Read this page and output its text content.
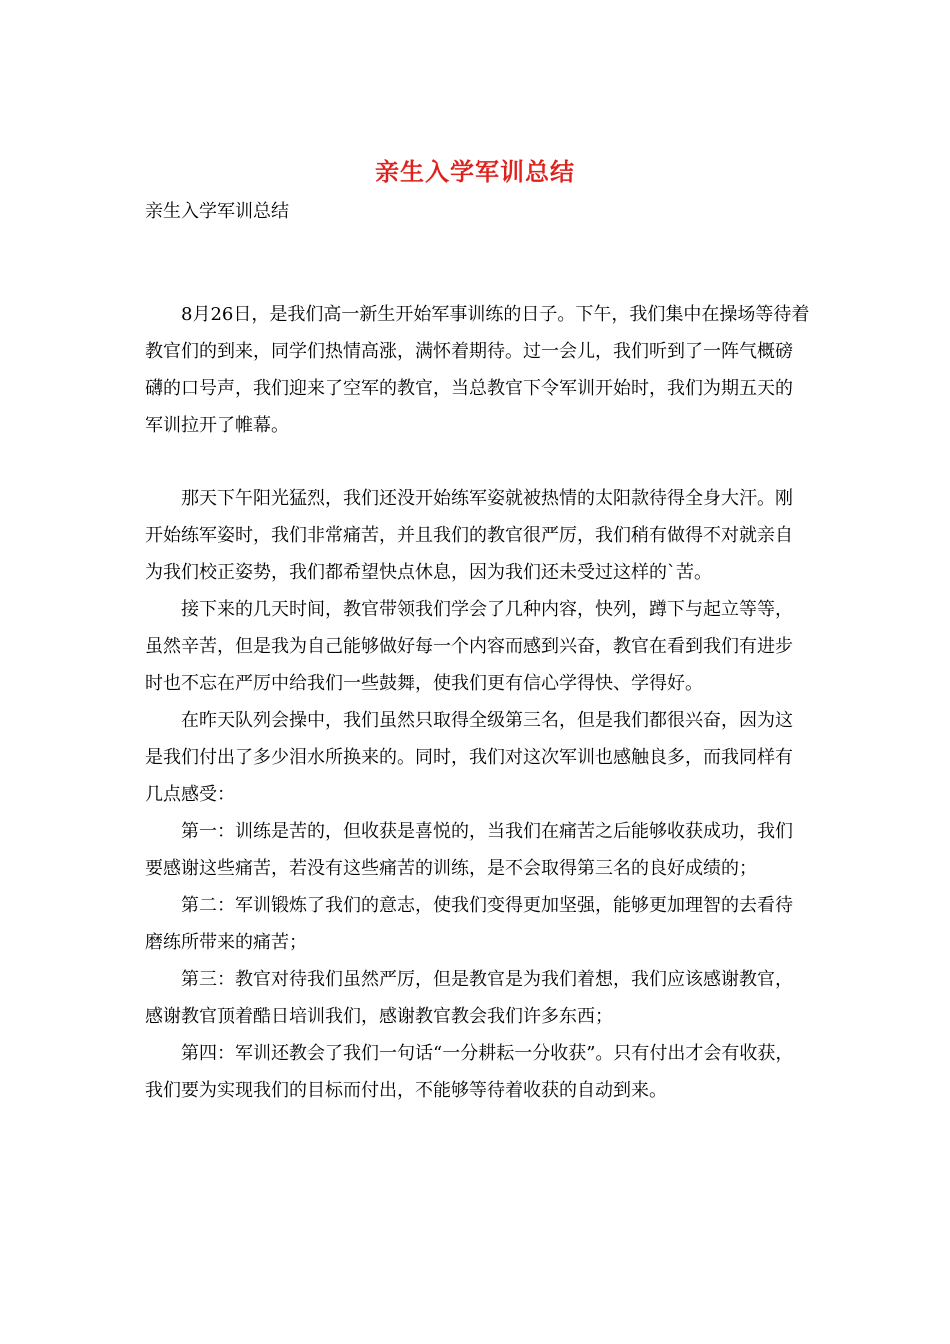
亲生入学军训总结
亲生入学军训总结

8月26日，是我们高一新生开始军事训练的日子。下午，我们集中在操场等待着教官们的到来，同学们热情高涨，满怀着期待。过一会儿，我们听到了一阵气概磅礴的口号声，我们迎来了空军的教官，当总教官下令军训开始时，我们为期五天的军训拉开了帷幕。

那天下午阳光猛烈，我们还没开始练军姿就被热情的太阳款待得全身大汗。刚开始练军姿时，我们非常痛苦，并且我们的教官很严厉，我们稍有做得不对就亲自为我们校正姿势，我们都希望快点休息，因为我们还未受过这样的`苦。

接下来的几天时间，教官带领我们学会了几种内容，快列，蹲下与起立等等，虽然辛苦，但是我为自己能够做好每一个内容而感到兴奋，教官在看到我们有进步时也不忘在严厉中给我们一些鼓舞，使我们更有信心学得快、学得好。

在昨天队列会操中，我们虽然只取得全级第三名，但是我们都很兴奋，因为这是我们付出了多少泪水所换来的。同时，我们对这次军训也感触良多，而我同样有几点感受：

第一：训练是苦的，但收获是喜悦的，当我们在痛苦之后能够收获成功，我们要感谢这些痛苦，若没有这些痛苦的训练，是不会取得第三名的良好成绩的；

第二：军训锻炼了我们的意志，使我们变得更加坚强，能够更加理智的去看待磨练所带来的痛苦；

第三：教官对待我们虽然严厉，但是教官是为我们着想，我们应该感谢教官，感谢教官顶着酷日培训我们，感谢教官教会我们许多东西；

第四：军训还教会了我们一句话“一分耕耘一分收获”。只有付出才会有收获，我们要为实现我们的目标而付出，不能够等待着收获的自动到来。
